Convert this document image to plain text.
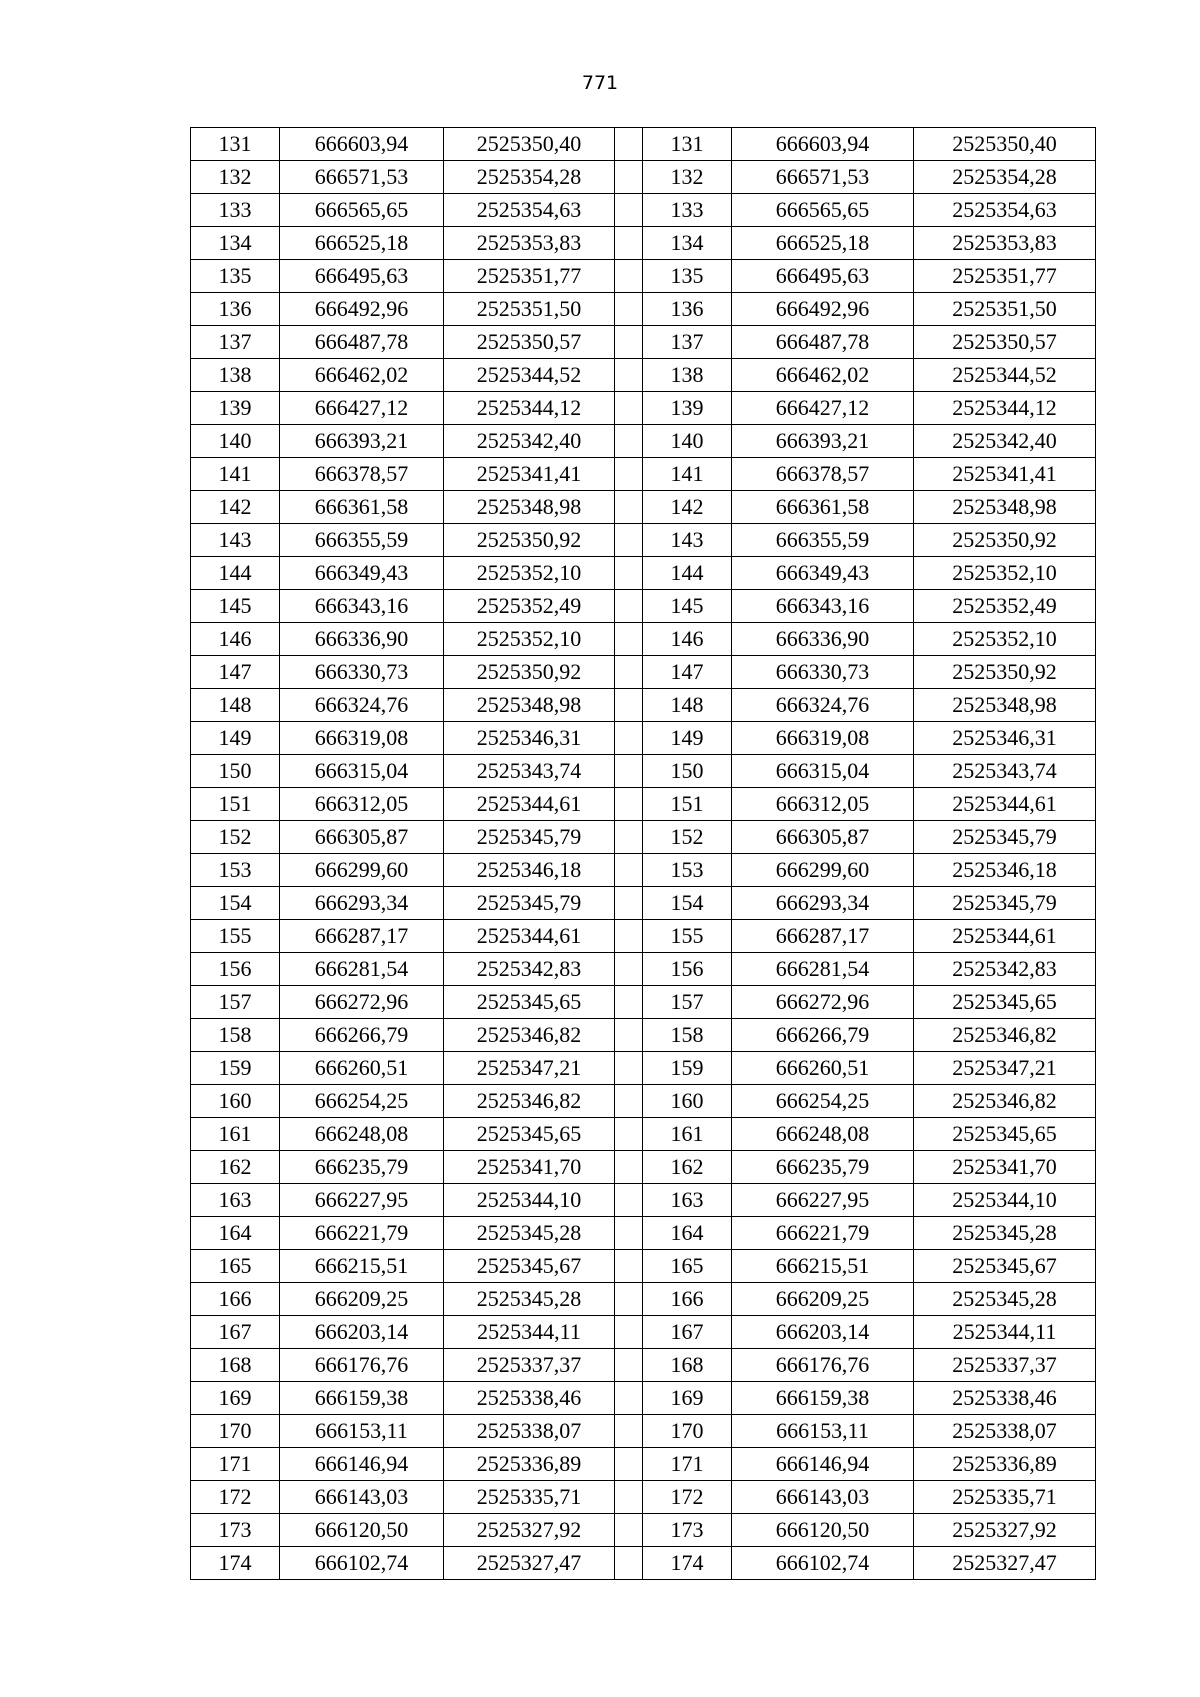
771
131	666603,94	2525350,40		131	666603,94	2525350,40
132	666571,53	2525354,28		132	666571,53	2525354,28
133	666565,65	2525354,63		133	666565,65	2525354,63
134	666525,18	2525353,83		134	666525,18	2525353,83
135	666495,63	2525351,77		135	666495,63	2525351,77
136	666492,96	2525351,50		136	666492,96	2525351,50
137	666487,78	2525350,57		137	666487,78	2525350,57
138	666462,02	2525344,52		138	666462,02	2525344,52
139	666427,12	2525344,12		139	666427,12	2525344,12
140	666393,21	2525342,40		140	666393,21	2525342,40
141	666378,57	2525341,41		141	666378,57	2525341,41
142	666361,58	2525348,98		142	666361,58	2525348,98
143	666355,59	2525350,92		143	666355,59	2525350,92
144	666349,43	2525352,10		144	666349,43	2525352,10
145	666343,16	2525352,49		145	666343,16	2525352,49
146	666336,90	2525352,10		146	666336,90	2525352,10
147	666330,73	2525350,92		147	666330,73	2525350,92
148	666324,76	2525348,98		148	666324,76	2525348,98
149	666319,08	2525346,31		149	666319,08	2525346,31
150	666315,04	2525343,74		150	666315,04	2525343,74
151	666312,05	2525344,61		151	666312,05	2525344,61
152	666305,87	2525345,79		152	666305,87	2525345,79
153	666299,60	2525346,18		153	666299,60	2525346,18
154	666293,34	2525345,79		154	666293,34	2525345,79
155	666287,17	2525344,61		155	666287,17	2525344,61
156	666281,54	2525342,83		156	666281,54	2525342,83
157	666272,96	2525345,65		157	666272,96	2525345,65
158	666266,79	2525346,82		158	666266,79	2525346,82
159	666260,51	2525347,21		159	666260,51	2525347,21
160	666254,25	2525346,82		160	666254,25	2525346,82
161	666248,08	2525345,65		161	666248,08	2525345,65
162	666235,79	2525341,70		162	666235,79	2525341,70
163	666227,95	2525344,10		163	666227,95	2525344,10
164	666221,79	2525345,28		164	666221,79	2525345,28
165	666215,51	2525345,67		165	666215,51	2525345,67
166	666209,25	2525345,28		166	666209,25	2525345,28
167	666203,14	2525344,11		167	666203,14	2525344,11
168	666176,76	2525337,37		168	666176,76	2525337,37
169	666159,38	2525338,46		169	666159,38	2525338,46
170	666153,11	2525338,07		170	666153,11	2525338,07
171	666146,94	2525336,89		171	666146,94	2525336,89
172	666143,03	2525335,71		172	666143,03	2525335,71
173	666120,50	2525327,92		173	666120,50	2525327,92
174	666102,74	2525327,47		174	666102,74	2525327,47
